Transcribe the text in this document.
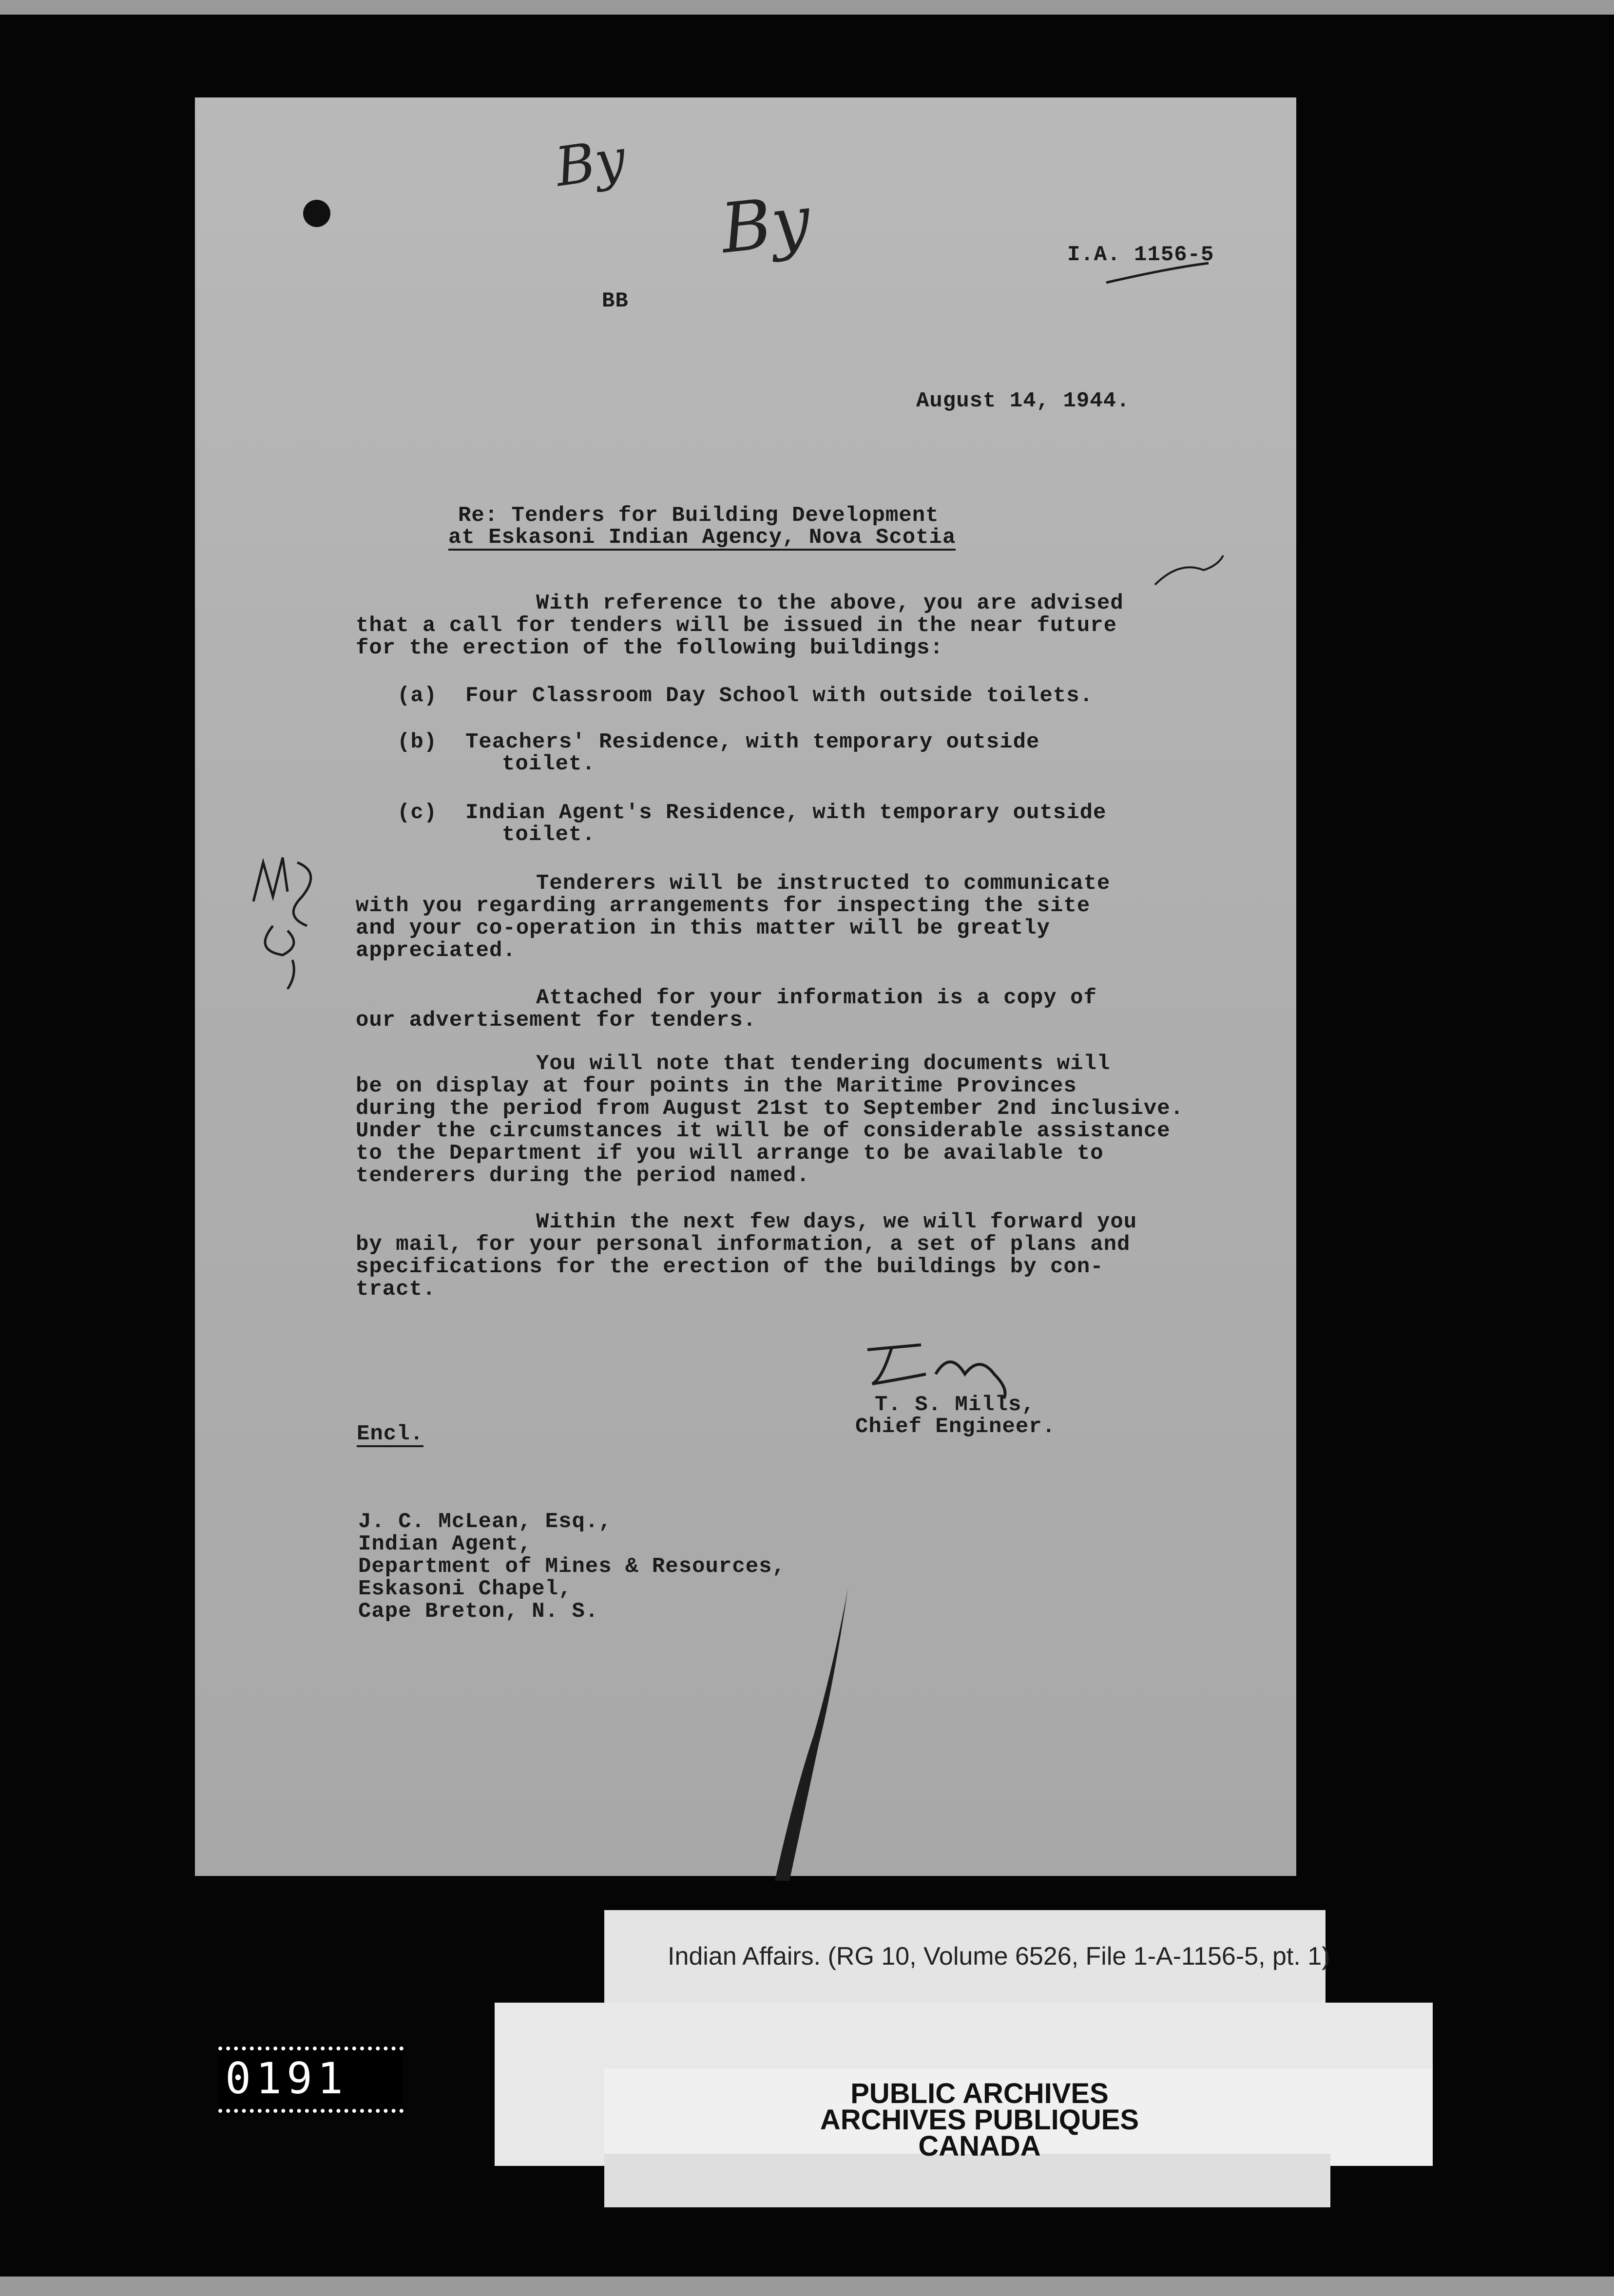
By
By	I.A. 1156-5
BB
August 14, 1944.
Re: Tenders for Building Development
at Eskasoni Indian Agency, Nova Scotia
With reference to the above, you are advised
that a call for tenders will be issued in the near future
for the erection of the following buildings:
(a) Four Classroom Day School with outside toilets.
(b) Teachers' Residence, with temporary outside
toilet.
(c) Indian Agent's Residence, with temporary outside
toilet.
Tenderers will be instructed to communicate
with you regarding arrangements for inspecting the site
and your co-operation in this matter will be greatly
appreciated.
Attached for your information is a copy of
our advertisement for tenders.
You will note that tendering documents will
be on display at four points in the Maritime Provinces
during the period from August 21st to September 2nd inclusive.
Under the circumstances it will be of considerable assistance
to the Department if you will arrange to be available to
tenderers during the period named.
Within the next few days, we will forward you
by mail, for your personal information, a set of plans and
specifications for the erection of the buildings by con-
tract.
T. S. Mills,
Chief Engineer.
Encl.
J. C. McLean, Esq.,
Indian Agent,
Department of Mines & Resources,
Eskasoni Chapel,
Cape Breton, N. S.
Indian Affairs. (RG 10, Volume 6526, File 1-A-1156-5, pt. 1)
PUBLIC ARCHIVES
ARCHIVES PUBLIQUES
CANADA
0191
